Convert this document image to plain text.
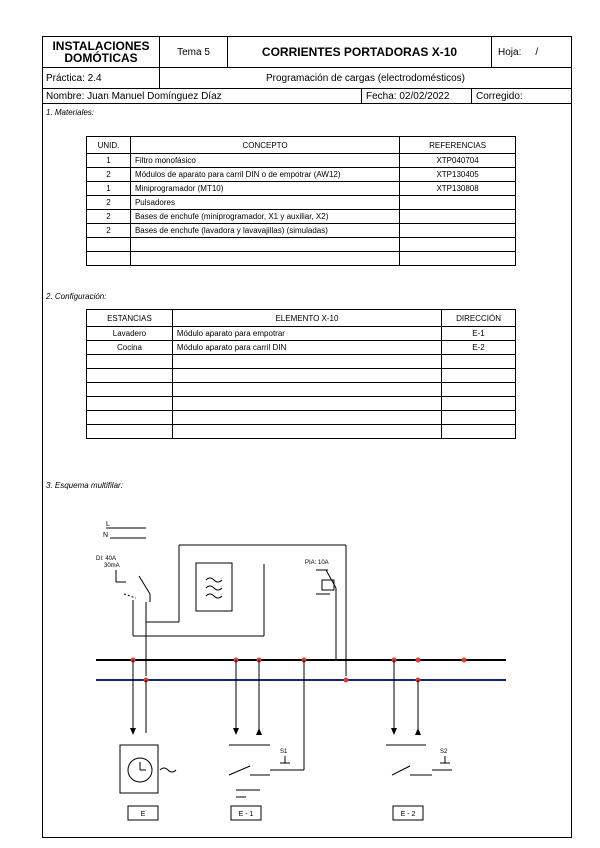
INSTALACIONES
DOMÓTICAS	Tema 5	CORRIENTES PORTADORAS X-10	Hoja: /
Práctica: 2.4	Programación de cargas (electrodomésticos)
Nombre: Juan Manuel Domínguez Díaz	Fecha: 02/02/2022	Corregido:
1. Materiales:
UNID.	CONCEPTO	REFERENCIAS
1	Filtro monofásico	XTP040704
2	Módulos de aparato para carril DIN o de empotrar (AW12)	XTP130405
1	Miniprogramador (MT10)	XTP130808
2	Pulsadores	
2	Bases de enchufe (miniprogramador, X1 y auxiliar, X2)	
2	Bases de enchufe (lavadora y lavavajillas) (simuladas)	

2. Configuración:
ESTANCIAS	ELEMENTO X-10	DIRECCIÓN
Lavadero	Módulo aparato para empotrar	E-1
Cocina	Módulo aparato para carril DIN	E-2

3. Esquema multifilar:
L
N
DI: 40A
30mA	PIA: 10A
E	E - 1	E - 2
S1	S2
